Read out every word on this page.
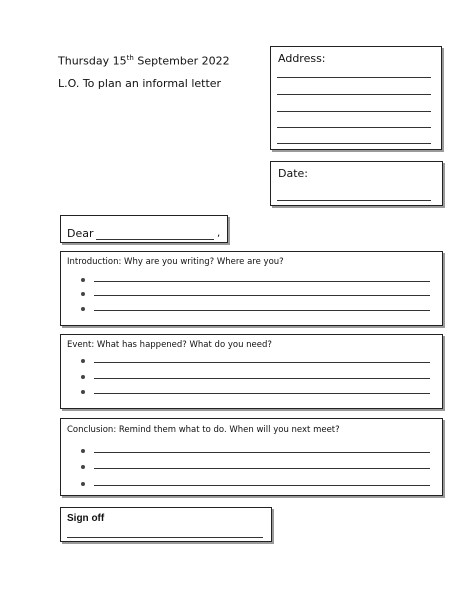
Thursday 15th September 2022
L.O. To plan an informal letter
Address:
Date:
Dear	,
Introduction: Why are you writing? Where are you?
Event: What has happened? What do you need?
Conclusion: Remind them what to do. When will you next meet?
Sign off
